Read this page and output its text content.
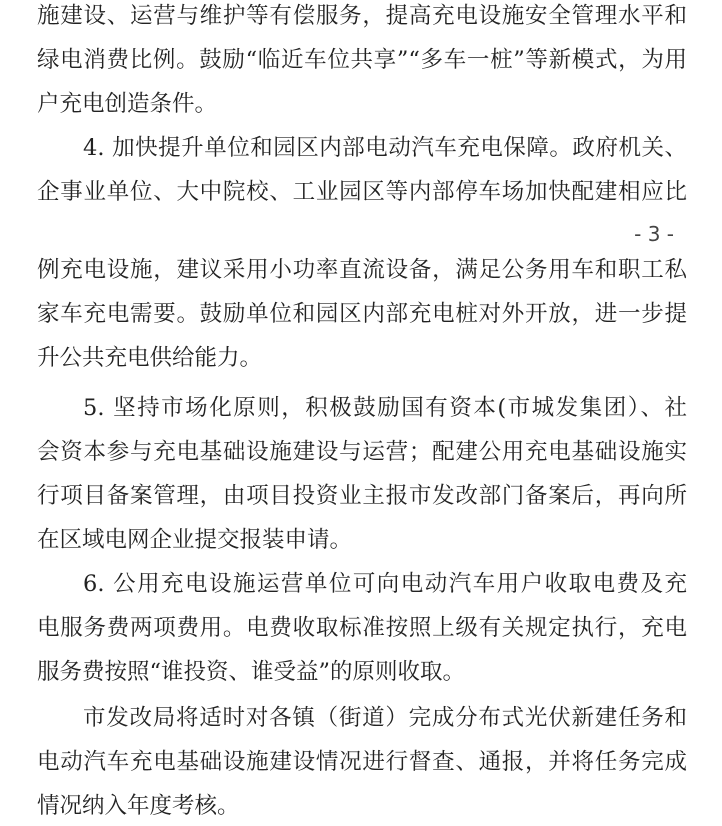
施建设、运营与维护等有偿服务，提高充电设施安全管理水平和
绿电消费比例。鼓励“临近车位共享”“多车一桩”等新模式，为用
户充电创造条件。
4. 加快提升单位和园区内部电动汽车充电保障。政府机关、
企事业单位、大中院校、工业园区等内部停车场加快配建相应比
- 3 -
例充电设施，建议采用小功率直流设备，满足公务用车和职工私
家车充电需要。鼓励单位和园区内部充电桩对外开放，进一步提
升公共充电供给能力。
5. 坚持市场化原则，积极鼓励国有资本(市城发集团）、社
会资本参与充电基础设施建设与运营；配建公用充电基础设施实
行项目备案管理，由项目投资业主报市发改部门备案后，再向所
在区域电网企业提交报装申请。
6. 公用充电设施运营单位可向电动汽车用户收取电费及充
电服务费两项费用。电费收取标准按照上级有关规定执行，充电
服务费按照“谁投资、谁受益”的原则收取。
市发改局将适时对各镇（街道）完成分布式光伏新建任务和
电动汽车充电基础设施建设情况进行督查、通报，并将任务完成
情况纳入年度考核。
